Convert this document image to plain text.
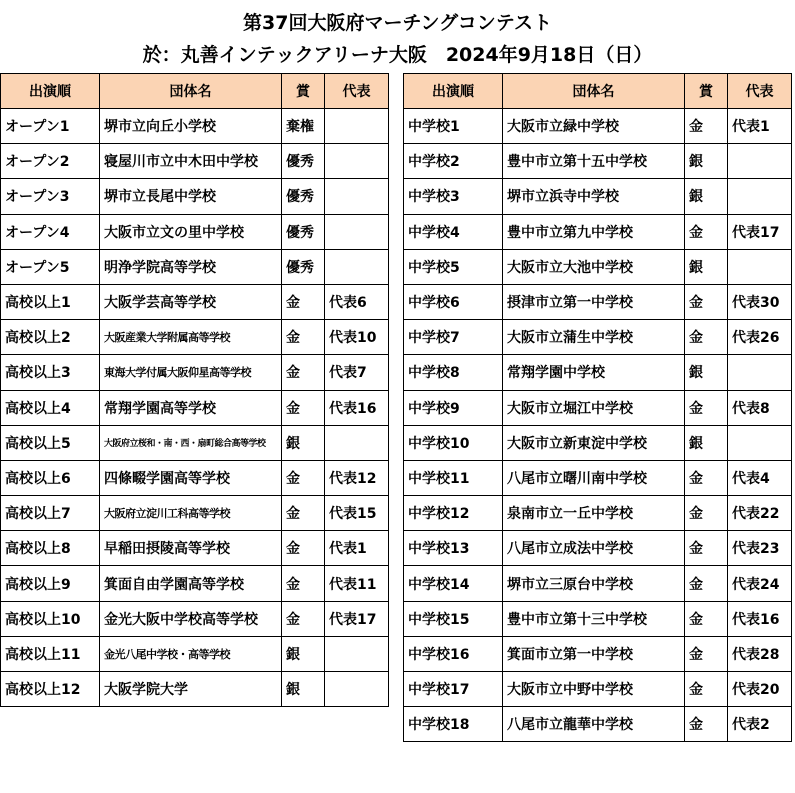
第37回大阪府マーチングコンテスト
於：丸善インテックアリーナ大阪　2024年9月18日（日）
出演順	団体名	賞	代表
オープン1	堺市立向丘小学校	棄権	
オープン2	寝屋川市立中木田中学校	優秀	
オープン3	堺市立長尾中学校	優秀	
オープン4	大阪市立文の里中学校	優秀	
オープン5	明浄学院高等学校	優秀	
高校以上1	大阪学芸高等学校	金	代表6
高校以上2	大阪産業大学附属高等学校	金	代表10
高校以上3	東海大学付属大阪仰星高等学校	金	代表7
高校以上4	常翔学園高等学校	金	代表16
高校以上5	大阪府立桜和・南・西・扇町総合高等学校	銀	
高校以上6	四條畷学園高等学校	金	代表12
高校以上7	大阪府立淀川工科高等学校	金	代表15
高校以上8	早稲田摂陵高等学校	金	代表1
高校以上9	箕面自由学園高等学校	金	代表11
高校以上10	金光大阪中学校高等学校	金	代表17
高校以上11	金光八尾中学校・高等学校	銀	
高校以上12	大阪学院大学	銀	
出演順	団体名	賞	代表
中学校1	大阪市立緑中学校	金	代表1
中学校2	豊中市立第十五中学校	銀	
中学校3	堺市立浜寺中学校	銀	
中学校4	豊中市立第九中学校	金	代表17
中学校5	大阪市立大池中学校	銀	
中学校6	摂津市立第一中学校	金	代表30
中学校7	大阪市立蒲生中学校	金	代表26
中学校8	常翔学園中学校	銀	
中学校9	大阪市立堀江中学校	金	代表8
中学校10	大阪市立新東淀中学校	銀	
中学校11	八尾市立曙川南中学校	金	代表4
中学校12	泉南市立一丘中学校	金	代表22
中学校13	八尾市立成法中学校	金	代表23
中学校14	堺市立三原台中学校	金	代表24
中学校15	豊中市立第十三中学校	金	代表16
中学校16	箕面市立第一中学校	金	代表28
中学校17	大阪市立中野中学校	金	代表20
中学校18	八尾市立龍華中学校	金	代表2
